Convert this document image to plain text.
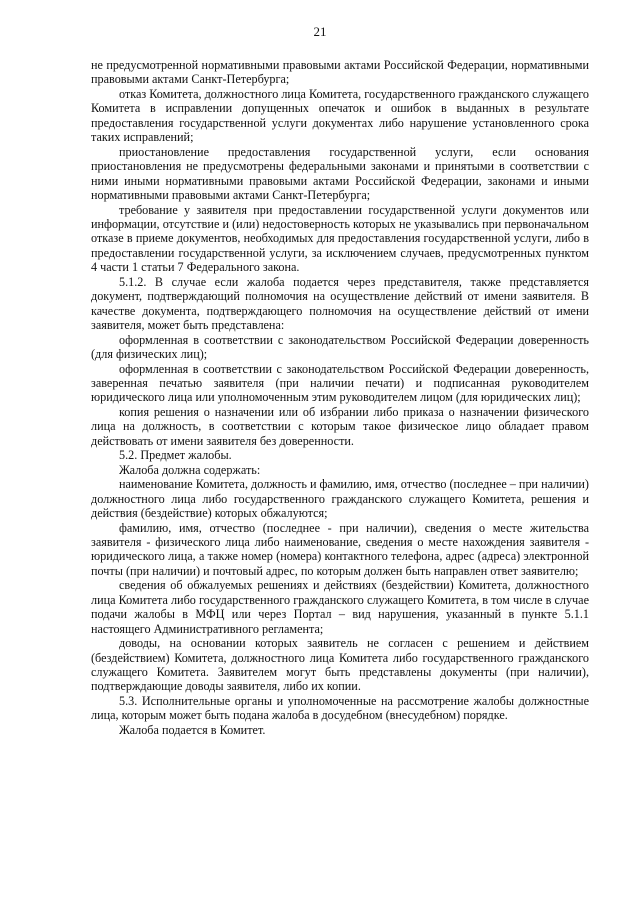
21

не предусмотренной нормативными правовыми актами Российской Федерации, нормативными правовыми актами Санкт-Петербурга;

отказ Комитета, должностного лица Комитета, государственного гражданского служащего Комитета в исправлении допущенных опечаток и ошибок в выданных в результате предоставления государственной услуги документах либо нарушение установленного срока таких исправлений;

приостановление предоставления государственной услуги, если основания приостановления не предусмотрены федеральными законами и принятыми в соответствии с ними иными нормативными правовыми актами Российской Федерации, законами и иными нормативными правовыми актами Санкт-Петербурга;

требование у заявителя при предоставлении государственной услуги документов или информации, отсутствие и (или) недостоверность которых не указывались при первоначальном отказе в приеме документов, необходимых для предоставления государственной услуги, либо в предоставлении государственной услуги, за исключением случаев, предусмотренных пунктом 4 части 1 статьи 7 Федерального закона.

5.1.2. В случае если жалоба подается через представителя, также представляется документ, подтверждающий полномочия на осуществление действий от имени заявителя. В качестве документа, подтверждающего полномочия на осуществление действий от имени заявителя, может быть представлена:

оформленная в соответствии с законодательством Российской Федерации доверенность (для физических лиц);

оформленная в соответствии с законодательством Российской Федерации доверенность, заверенная печатью заявителя (при наличии печати) и подписанная руководителем юридического лица или уполномоченным этим руководителем лицом (для юридических лиц);

копия решения о назначении или об избрании либо приказа о назначении физического лица на должность, в соответствии с которым такое физическое лицо обладает правом действовать от имени заявителя без доверенности.

5.2. Предмет жалобы.

Жалоба должна содержать:

наименование Комитета, должность и фамилию, имя, отчество (последнее – при наличии) должностного лица либо государственного гражданского служащего Комитета, решения и действия (бездействие) которых обжалуются;

фамилию, имя, отчество (последнее - при наличии), сведения о месте жительства заявителя - физического лица либо наименование, сведения о месте нахождения заявителя - юридического лица, а также номер (номера) контактного телефона, адрес (адреса) электронной почты (при наличии) и почтовый адрес, по которым должен быть направлен ответ заявителю;

сведения об обжалуемых решениях и действиях (бездействии) Комитета, должностного лица Комитета либо государственного гражданского служащего Комитета, в том числе в случае подачи жалобы в МФЦ или через Портал – вид нарушения, указанный в пункте 5.1.1 настоящего Административного регламента;

доводы, на основании которых заявитель не согласен с решением и действием (бездействием) Комитета, должностного лица Комитета либо государственного гражданского служащего Комитета. Заявителем могут быть представлены документы (при наличии), подтверждающие доводы заявителя, либо их копии.

5.3. Исполнительные органы и уполномоченные на рассмотрение жалобы должностные лица, которым может быть подана жалоба в досудебном (внесудебном) порядке.

Жалоба подается в Комитет.
